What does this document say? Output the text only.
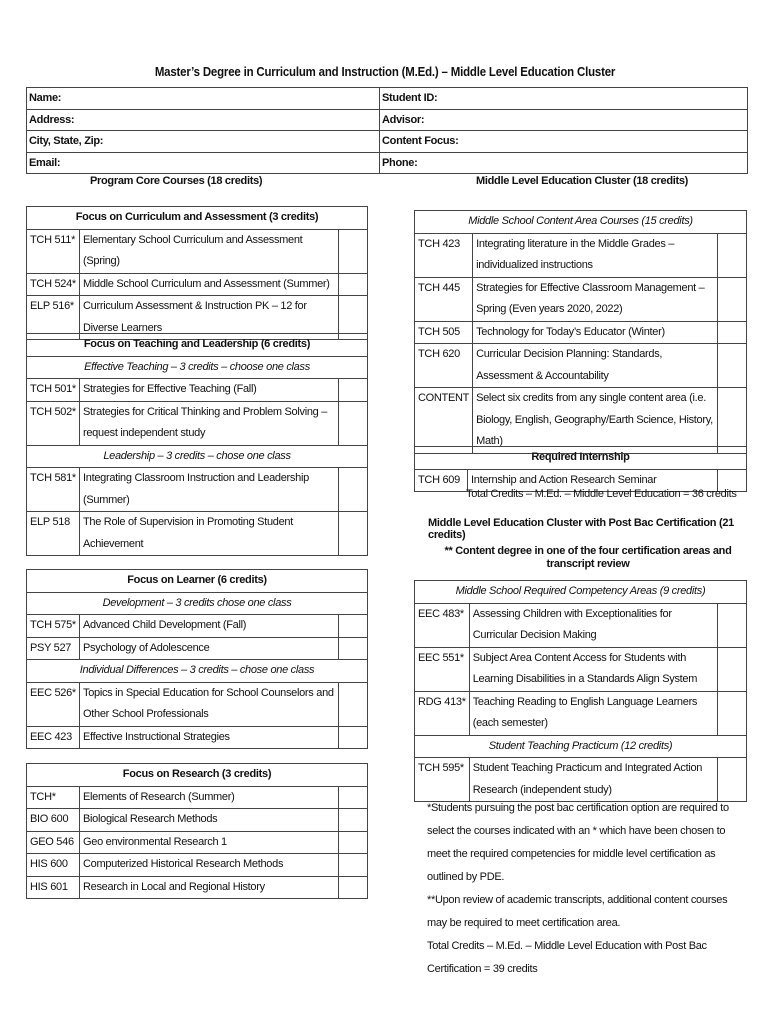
Master’s Degree in Curriculum and Instruction (M.Ed.) – Middle Level Education Cluster
Name:	Student ID:
Address:	Advisor:
City, State, Zip:	Content Focus:
Email:	Phone:
Program Core Courses (18 credits)
Focus on Curriculum and Assessment (3 credits)		
TCH 511*	Elementary School Curriculum and Assessment (Spring)	
TCH 524*	Middle School Curriculum and Assessment (Summer)	
ELP 516*	Curriculum Assessment & Instruction PK – 12 for Diverse Learners	
Focus on Teaching and Leadership (6 credits)		
Effective Teaching – 3 credits – choose one class		
TCH 501*	Strategies for Effective Teaching (Fall)	
TCH 502*	Strategies for Critical Thinking and Problem Solving – request independent study	
Leadership – 3 credits – chose one class		
TCH 581*	Integrating Classroom Instruction and Leadership (Summer)	
ELP 518	The Role of Supervision in Promoting Student Achievement	
Focus on Learner (6 credits)		
Development – 3 credits chose one class		
TCH 575*	Advanced Child Development (Fall)	
PSY 527	Psychology of Adolescence	
Individual Differences – 3 credits – chose one class		
EEC 526*	Topics in Special Education for School Counselors and Other School Professionals	
EEC 423	Effective Instructional Strategies	
Focus on Research (3 credits)		
TCH*	Elements of Research (Summer)	
BIO 600	Biological Research Methods	
GEO 546	Geo environmental Research 1	
HIS 600	Computerized Historical Research Methods	
HIS 601	Research in Local and Regional History	
Middle Level Education Cluster (18 credits)
Middle School Content Area Courses (15 credits)		
TCH 423	Integrating literature in the Middle Grades – individualized instructions	
TCH 445	Strategies for Effective Classroom Management – Spring (Even years 2020, 2022)	
TCH 505	Technology for Today’s Educator (Winter)	
TCH 620	Curricular Decision Planning: Standards, Assessment & Accountability	
CONTENT	Select six credits from any single content area (i.e. Biology, English, Geography/Earth Science, History, Math)	
Required Internship
TCH 609	Internship and Action Research Seminar	
Total Credits – M.Ed. – Middle Level Education = 36 credits
Middle Level Education Cluster with Post Bac Certification (21 credits)
** Content degree in one of the four certification areas and transcript review
Middle School Required Competency Areas (9 credits)		
EEC 483*	Assessing Children with Exceptionalities for Curricular Decision Making	
EEC 551*	Subject Area Content Access for Students with Learning Disabilities in a Standards Align System	
RDG 413*	Teaching Reading to English Language Learners (each semester)	
Student Teaching Practicum (12 credits)		
TCH 595*	Student Teaching Practicum and Integrated Action Research (independent study)	
*Students pursuing the post bac certification option are required to select the courses indicated with an * which have been chosen to meet the required competencies for middle level certification as outlined by PDE.
**Upon review of academic transcripts, additional content courses may be required to meet certification area.
Total Credits – M.Ed. – Middle Level Education with Post Bac Certification = 39 credits
